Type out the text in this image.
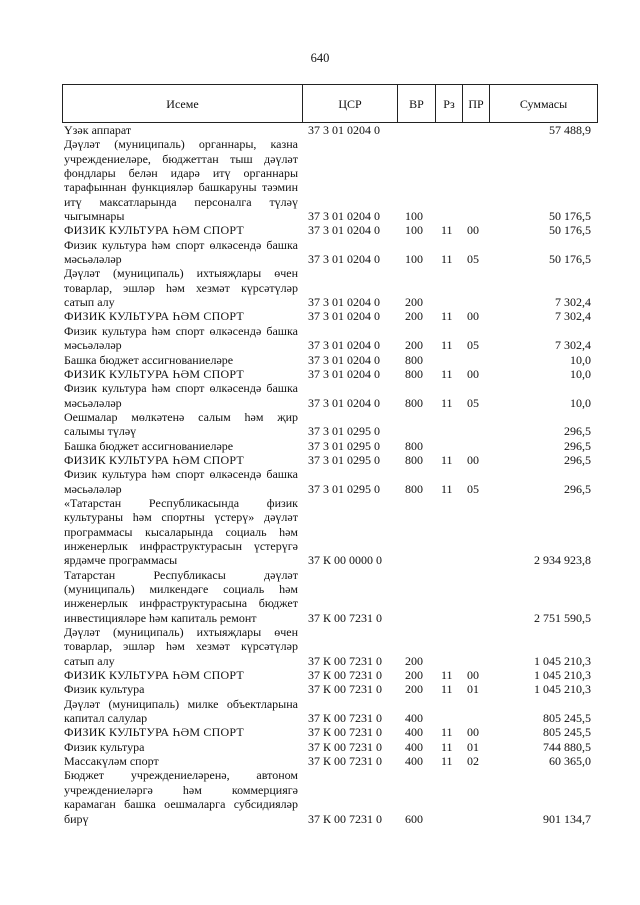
640
Исеме	ЦСР	ВР	Рз	ПР	Суммасы
Үзәк аппарат	37 3 01 0204 0				57 488,9
Дәүләт (муниципаль) органнары, казна учреждениеләре, бюджеттан тыш дәүләт фондлары белән идарә итү органнары тарафыннан функцияләр башкаруны тәэмин итү максатларында персоналга түләү чыгымнары	37 3 01 0204 0	100			50 176,5
ФИЗИК КУЛЬТУРА ҺӘМ СПОРТ	37 3 01 0204 0	100	11	00	50 176,5
Физик культура һәм спорт өлкәсендә башка мәсьәләләр	37 3 01 0204 0	100	11	05	50 176,5
Дәүләт (муниципаль) ихтыяҗлары өчен товарлар, эшләр һәм хезмәт күрсәтүләр сатып алу	37 3 01 0204 0	200			7 302,4
ФИЗИК КУЛЬТУРА ҺӘМ СПОРТ	37 3 01 0204 0	200	11	00	7 302,4
Физик культура һәм спорт өлкәсендә башка мәсьәләләр	37 3 01 0204 0	200	11	05	7 302,4
Башка бюджет ассигнованиеләре	37 3 01 0204 0	800			10,0
ФИЗИК КУЛЬТУРА ҺӘМ СПОРТ	37 3 01 0204 0	800	11	00	10,0
Физик культура һәм спорт өлкәсендә башка мәсьәләләр	37 3 01 0204 0	800	11	05	10,0
Оешмалар мөлкәтенә салым һәм җир салымы түләү	37 3 01 0295 0				296,5
Башка бюджет ассигнованиеләре	37 3 01 0295 0	800			296,5
ФИЗИК КУЛЬТУРА ҺӘМ СПОРТ	37 3 01 0295 0	800	11	00	296,5
Физик культура һәм спорт өлкәсендә башка мәсьәләләр	37 3 01 0295 0	800	11	05	296,5
«Татарстан Республикасында физик культураны һәм спортны үстерү» дәүләт программасы кысаларында социаль һәм инженерлык инфраструктурасын үстерүгә ярдәмче программасы	37 К 00 0000 0				2 934 923,8
Татарстан Республикасы дәүләт (муниципаль) милкендәге социаль һәм инженерлык инфраструктурасына бюджет инвестицияләре һәм капиталь ремонт	37 К 00 7231 0				2 751 590,5
Дәүләт (муниципаль) ихтыяҗлары өчен товарлар, эшләр һәм хезмәт күрсәтүләр сатып алу	37 К 00 7231 0	200			1 045 210,3
ФИЗИК КУЛЬТУРА ҺӘМ СПОРТ	37 К 00 7231 0	200	11	00	1 045 210,3
Физик культура	37 К 00 7231 0	200	11	01	1 045 210,3
Дәүләт (муниципаль) милке объектларына капитал салулар	37 К 00 7231 0	400			805 245,5
ФИЗИК КУЛЬТУРА ҺӘМ СПОРТ	37 К 00 7231 0	400	11	00	805 245,5
Физик культура	37 К 00 7231 0	400	11	01	744 880,5
Массакүләм спорт	37 К 00 7231 0	400	11	02	60 365,0
Бюджет учреждениеләренә, автоном учреждениеләргә һәм коммерциягә карамаган башка оешмаларга субсидияләр бирү	37 К 00 7231 0	600			901 134,7
